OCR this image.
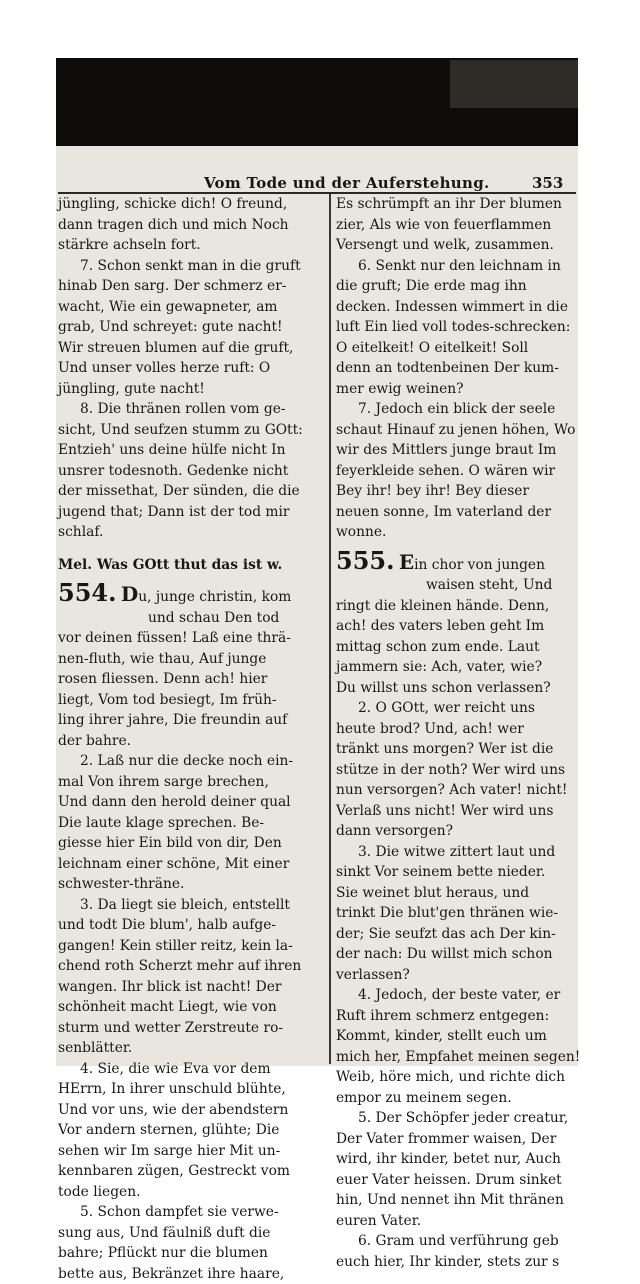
Vom Tode und der Auferstehung.	353

jüngling, schicke dich! O freund,

dann tragen dich und mich Noch

stärkre achseln fort.

7. Schon senkt man in die gruft

hinab Den sarg. Der schmerz er-

wacht, Wie ein gewapneter, am

grab, Und schreyet: gute nacht!

Wir streuen blumen auf die gruft,

Und unser volles herze ruft: O

jüngling, gute nacht!

8. Die thränen rollen vom ge-

sicht, Und seufzen stumm zu GOtt:

Entzieh' uns deine hülfe nicht In

unsrer todesnoth. Gedenke nicht

der missethat, Der sünden, die die

jugend that; Dann ist der tod mir

schlaf.

Mel. Was GOtt thut das ist w.

554. Du, junge christin, kom

und schau Den tod

vor deinen füssen! Laß eine thrä-

nen-fluth, wie thau, Auf junge

rosen fliessen. Denn ach! hier

liegt, Vom tod besiegt, Im früh-

ling ihrer jahre, Die freundin auf

der bahre.

2. Laß nur die decke noch ein-

mal Von ihrem sarge brechen,

Und dann den herold deiner qual

Die laute klage sprechen. Be-

giesse hier Ein bild von dir, Den

leichnam einer schöne, Mit einer

schwester-thräne.

3. Da liegt sie bleich, entstellt

und todt Die blum', halb aufge-

gangen! Kein stiller reitz, kein la-

chend roth Scherzt mehr auf ihren

wangen. Ihr blick ist nacht! Der

schönheit macht Liegt, wie von

sturm und wetter Zerstreute ro-

senblätter.

4. Sie, die wie Eva vor dem

HErrn, In ihrer unschuld blühte,

Und vor uns, wie der abendstern

Vor andern sternen, glühte; Die

sehen wir Im sarge hier Mit un-

kennbaren zügen, Gestreckt vom

tode liegen.

5. Schon dampfet sie verwe-

sung aus, Und fäulniß duft die

bahre; Pflückt nur die blumen

bette aus, Bekränzet ihre haare,

Es schrümpft an ihr Der blumen

zier, Als wie von feuerflammen

Versengt und welk, zusammen.

6. Senkt nur den leichnam in

die gruft; Die erde mag ihn

decken. Indessen wimmert in die

luft Ein lied voll todes-schrecken:

O eitelkeit! O eitelkeit! Soll

denn an todtenbeinen Der kum-

mer ewig weinen?

7. Jedoch ein blick der seele

schaut Hinauf zu jenen höhen, Wo

wir des Mittlers junge braut Im

feyerkleide sehen. O wären wir

Bey ihr! bey ihr! Bey dieser

neuen sonne, Im vaterland der

wonne.

555. Ein chor von jungen

waisen steht, Und

ringt die kleinen hände. Denn,

ach! des vaters leben geht Im

mittag schon zum ende. Laut

jammern sie: Ach, vater, wie?

Du willst uns schon verlassen?

2. O GOtt, wer reicht uns

heute brod? Und, ach! wer

tränkt uns morgen? Wer ist die

stütze in der noth? Wer wird uns

nun versorgen? Ach vater! nicht!

Verlaß uns nicht! Wer wird uns

dann versorgen?

3. Die witwe zittert laut und

sinkt Vor seinem bette nieder.

Sie weinet blut heraus, und

trinkt Die blut'gen thränen wie-

der; Sie seufzt das ach Der kin-

der nach: Du willst mich schon

verlassen?

4. Jedoch, der beste vater, er

Ruft ihrem schmerz entgegen:

Kommt, kinder, stellt euch um

mich her, Empfahet meinen segen!

Weib, höre mich, und richte dich

empor zu meinem segen.

5. Der Schöpfer jeder creatur,

Der Vater frommer waisen, Der

wird, ihr kinder, betet nur, Auch

euer Vater heissen. Drum sinket

hin, Und nennet ihn Mit thränen

euren Vater.

6. Gram und verführung geb

euch hier, Ihr kinder, stets zur s
